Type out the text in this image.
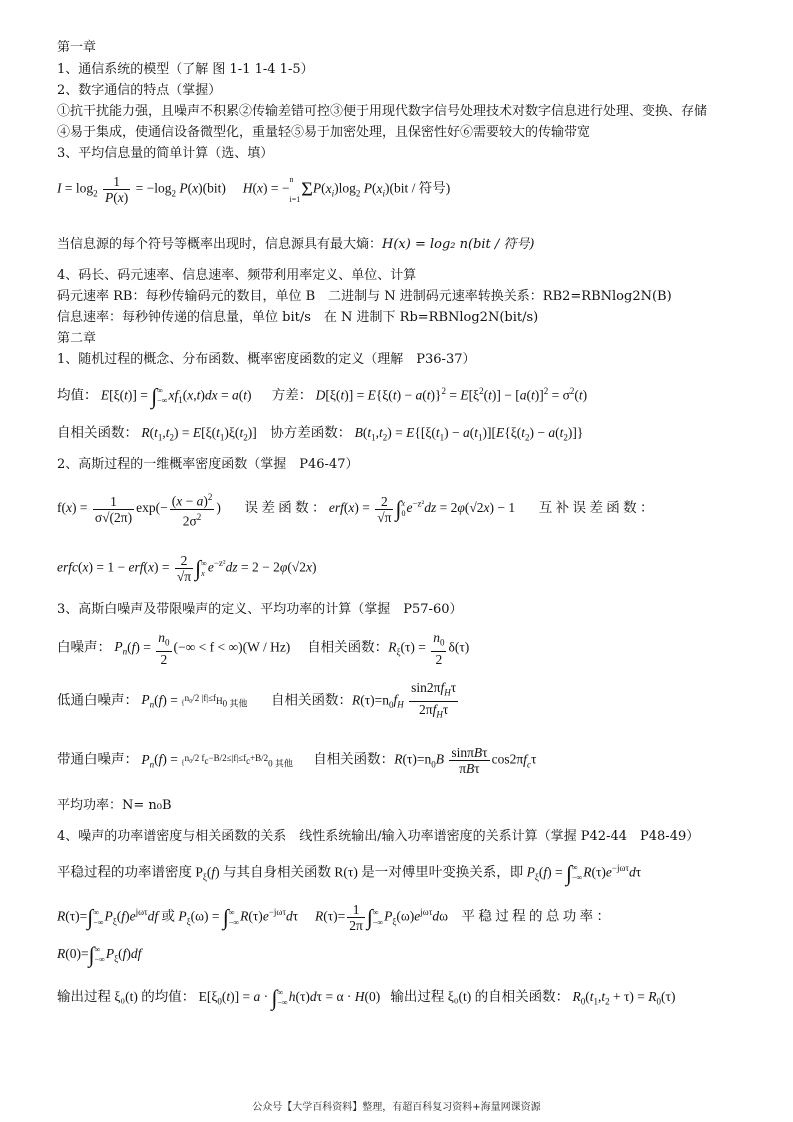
第一章
1、通信系统的模型（了解 图 1-1 1-4 1-5）
2、数字通信的特点（掌握）
①抗干扰能力强，且噪声不积累②传输差错可控③便于用现代数字信号处理技术对数字信息进行处理、变换、存储
④易于集成，使通信设备微型化，重量轻⑤易于加密处理，且保密性好⑥需要较大的传输带宽
3、平均信息量的简单计算（选、填）
$I = \log_2 \frac{1}{P(x)} = -\log_2$ P(x)(bit) H(x) = −
n

i=1 $\Sigma P(x_i)\log_2$ $P(x_i)(bit$ / 符号)
当信息源的每个符号等概率出现时，信息源具有最大熵：H(x) = log₂ n(bit / 符号)
4、码长、码元速率、信息速率、频带利用率定义、单位、计算
码元速率 RB：每秒传输码元的数目，单位 B　二进制与 N 进制码元速率转换关系：RB2=RBNlog2N(B)
信息速率：每秒钟传递的信息量，单位 bit/s　在 N 进制下 Rb=RBNlog2N(bit/s)
第二章
1、随机过程的概念、分布函数、概率密度函数的定义（理解　P36-37）
均值： E[ξ(t)] = ∫ ∞
−∞ $xf_1(x,t)dx = a(t)$      方差： $D[\xi(t)] = E\{\xi(t) - a(t)\}^2 = E[\xi^2(t)] - [a(t)]^2 = \sigma^2(t)$
自相关函数： $R(t_1,t_2) = E[\xi(t_1)\xi(t_2)]$    协方差函数： $B(t_1,t_2) = E\{[\xi(t_1) - a(t_1)][E\{\xi(t_2) - a(t_2)]\}$
2、高斯过程的一维概率密度函数（掌握　P46-47）
$f(x) = \frac{1}{\sigma√(2\pi)} \exp(- \frac{(x - a)^2}{2\sigma^2}$ )       误 差 函 数 ： $erf(x) = \frac{2}{√\pi}$ ∫ x
0 $e^{-z^2}dz = 2\varphi(√2x) - 1$       互 补 误 差 函 数 ：
erfc(x) = $1 - erf(x) = \frac{2}{√\pi}$ ∫ ∞
x $e^{-z^2}dz = 2 - 2\varphi(√2x)$
3、高斯白噪声及带限噪声的定义、平均功率的计算（掌握　P57-60）
白噪声： $P_n(f) = \frac{n_0}{2}$ (−∞ < f < ∞)(W / Hz)     自相关函数：$R_\xi(\tau) = \frac{n_0}{2} \delta(\tau)$
低通白噪声： $P_n(f) = \{^{n_0/2 |f|\le f_H}_{0 其他}$       自相关函数：$R(\tau)=n_0f_H \frac{\sin 2\pi f_H\tau}{2\pi f_H\tau}$
带通白噪声： $P_n(f) = \{^{n_0/2 f_c-B/2\le|f|\le f_c+B/2}_{0 其他}$      自相关函数：$R(\tau)=n_0B \frac{\text{sinπBτ}}{\text{πBτ}} \cos 2\pi f_c\tau$
平均功率：N= n₀B
4、噪声的功率谱密度与相关函数的关系　线性系统输出/输入功率谱密度的关系计算（掌握 P42-44　P48-49）
平稳过程的功率谱密度 $P_\xi(f)$ 与其自身相关函数 R(τ) 是一对傅里叶变换关系，即 $P_\xi(f)$ = ∫ ∞
−∞ $R(\tau)e^{-j\omega\tau}d\tau$
R(τ)=∫ ∞
−∞ $P_\xi(f)e^{j\omega\tau}df$ 或 $P_\xi(\omega)$ = ∫ ∞
−∞ $R(\tau)e^{-j\omega\tau}d\tau$     $R(\tau)= \frac{1}{2\pi}$ ∫ ∞
−∞ $P_\xi(\omega)e^{j\omega\tau}d\omega$    平 稳 过 程 的 总 功 率 ：
R(0)=∫ ∞
−∞ $P_\xi(f)df$
输出过程 ξ₀(t) 的均值： $E[\xi_0(t)] = a$ · ∫ ∞
−∞ h(τ)dτ = α · H(0)   输出过程 ξ₀(t) 的自相关函数： $R_0(t_1,t_2 + \tau) = R_0(\tau)$
公众号【大学百科资料】整理，有超百科复习资料+海量网课资源
